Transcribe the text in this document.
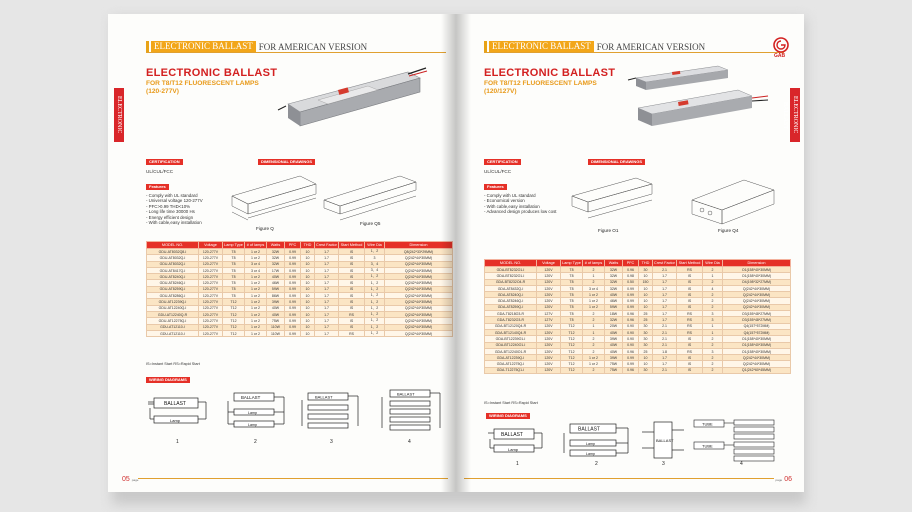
ELECTRONIC BALLAST FOR AMERICAN VERSION
ELECTRONIC BALLAST
ELECTRONIC BALLAST
FOR T8/T12 FLUORESCENT LAMPS
(120-277V)
CERTIFICATION
UL/CUL/FCC
Features
- Comply with UL standard
- Universal voltage 120-277V
- PFC>0.99 THD<10%
- Long life time 30000 Hs
- Energy efficient design
- With cable,easy installation
DIMENSIONAL DRAWINGS
Figure Q
Figure Q5
MODEL NO.	Voltage	Lamp Type	# of lamps	Watts	PFC	THD	Crest Factor	Start Method	Wire Dia	Dimension
GDU-AT8032Q8-I	120-277V	T8	1 or 2	32W	0.99	10	1.7	IS	1、2	Q8(242*33*29MM)
GDU-AT8032Q-I	120-277V	T8	1 or 2	32W	0.99	10	1.7	IS	3	Q(242*44*30MM)
GDU-AT8032Q-I	120-277V	T8	3 or 4	32W	0.99	10	1.7	IS	3、4	Q(242*44*30MM)
GDU-AT8417Q-I	120-277V	T8	3 or 4	17W	0.99	10	1.7	IS	3、4	Q(242*44*30MM)
GDU-AT8240Q-I	120-277V	T8	1 or 2	40W	0.99	10	1.7	IS	1、2	Q(242*44*30MM)
GDU-AT8246Q-I	120-277V	T8	1 or 2	46W	0.99	10	1.7	IS	1、2	Q(242*44*30MM)
GDU-AT8259Q-I	120-277V	T8	1 or 2	59W	0.99	10	1.7	IS	1、2	Q(242*44*30MM)
GDU-AT8286Q-I	120-277V	T8	1 or 2	86W	0.99	10	1.7	IS	1、2	Q(242*44*30MM)
GDU-AT12239Q-I	120-277V	T12	1 or 2	39W	0.99	10	1.7	IS	1、2	Q(242*44*30MM)
GDU-AT12240Q-I	120-277V	T12	1 or 2	40W	0.99	10	1.7	IS	1、2	Q(242*44*30MM)
GDU-AT12240Q-R	120-277V	T12	1 or 2	40W	0.99	10	1.7	RS	1、2	Q(242*44*30MM)
GDU-AT12275Q-I	120-277V	T12	1 or 2	75W	0.99	10	1.7	IS	1、2	Q(242*44*30MM)
GDU-AT12110-I	120-277V	T12	1 or 2	110W	0.99	10	1.7	IS	1、2	Q(242*44*30MM)
GDU-AT12110-I	120-277V	T12	1 or 2	110W	0.99	10	1.7	RS	1、2	Q(242*44*30MM)
IS=Instant Start RS=Rapid Start
WIRING DIAGRAMS
BALLAST
Lamp
1
BALLAST
Lamp
Lamp
2
BALLAST
3
BALLAST
4
05 page
ELECTRONIC BALLAST FOR AMERICAN VERSION
GAB
ELECTRONIC BALLAST
ELECTRONIC BALLAST
FOR T8/T12 FLUORESCENT LAMPS
(120/127V)
CERTIFICATION
UL/CUL/FCC
Features
- Comply with UL standard
- Economical version
- With cable,easy installation
- Advanced design produces low cost
DIMENSIONAL DRAWINGS
Figure O1	Figure Q4
MODEL NO.	Voltage	Lamp Type	# of lamps	Watts	PFC	THD	Crest Factor	Start Method	Wire Dia	Dimension
GDA-BT8232O1-I	120V	T8	2	32W	0.96	30	2.1	RS	2	O1(158*40*30MM)
GDA-BT8232O1-I	120V	T8	1	32W	0.98	10	1.7	IS	1	O1(158*40*30MM)
GDA-BT8232O4-R	120V	T8	2	32W	0.50	150	1.7	IS	2	O4(198*32*27MM)
GDA-AT8432Q-I	120V	T8	3 or 4	32W	0.99	10	1.7	IS	4	Q(242*44*30MM)
GDA-AT8240Q-I	120V	T8	1 or 2	40W	0.99	10	1.7	IS	2	Q(242*44*30MM)
GDA-AT8246Q-I	120V	T8	1 or 2	46W	0.99	10	1.7	IS	2	Q(242*44*30MM)
GDA-AT8259Q-I	120V	T8	1 or 2	59W	0.99	10	1.7	IS	2	Q(242*44*30MM)
GDA-T8218O3-R	127V	T8	2	18W	0.96	25	1.7	RS	3	O3(155*48*27MM)
GDA-T8232O3-R	127V	T8	2	32W	0.96	25	1.7	RS	3	O3(155*48*27MM)
GDA-BT12120Q4-R	120V	T12	1	20W	0.90	30	2.1	RS	1	Q4(157*572MM)
GDA-BT12140Q4-R	120V	T12	1	40W	0.90	30	2.1	RS	1	Q4(157*572MM)
GDA-BT12239O1-I	120V	T12	2	39W	0.90	30	2.1	IS	2	O1(158*40*30MM)
GDA-BT12240O1-I	120V	T12	2	40W	0.90	30	2.1	IS	2	O1(158*40*30MM)
GDA-BT12240O1-R	120V	T12	2	40W	0.96	25	1.8	RS	3	O1(158*40*30MM)
GDA-AT12239Q-I	120V	T12	1 or 2	39W	0.99	10	1.7	IS	2	Q(242*44*30MM)
GDA-AT12275Q-I	120V	T12	1 or 2	75W	0.99	10	1.7	IS	2	Q(242*44*30MM)
GDA-T12275Q1-I	120V	T12	2	75W	0.96	30	2.1	IS	2	Q1(242*60*45MM)
IS=Instant Start RS=Rapid Start
WIRING DIAGRAMS
BALLAST
Lamp
1
BALLAST
Lamp
Lamp
2
BALLAST
3
TUBE
TUBE
4
page 06
